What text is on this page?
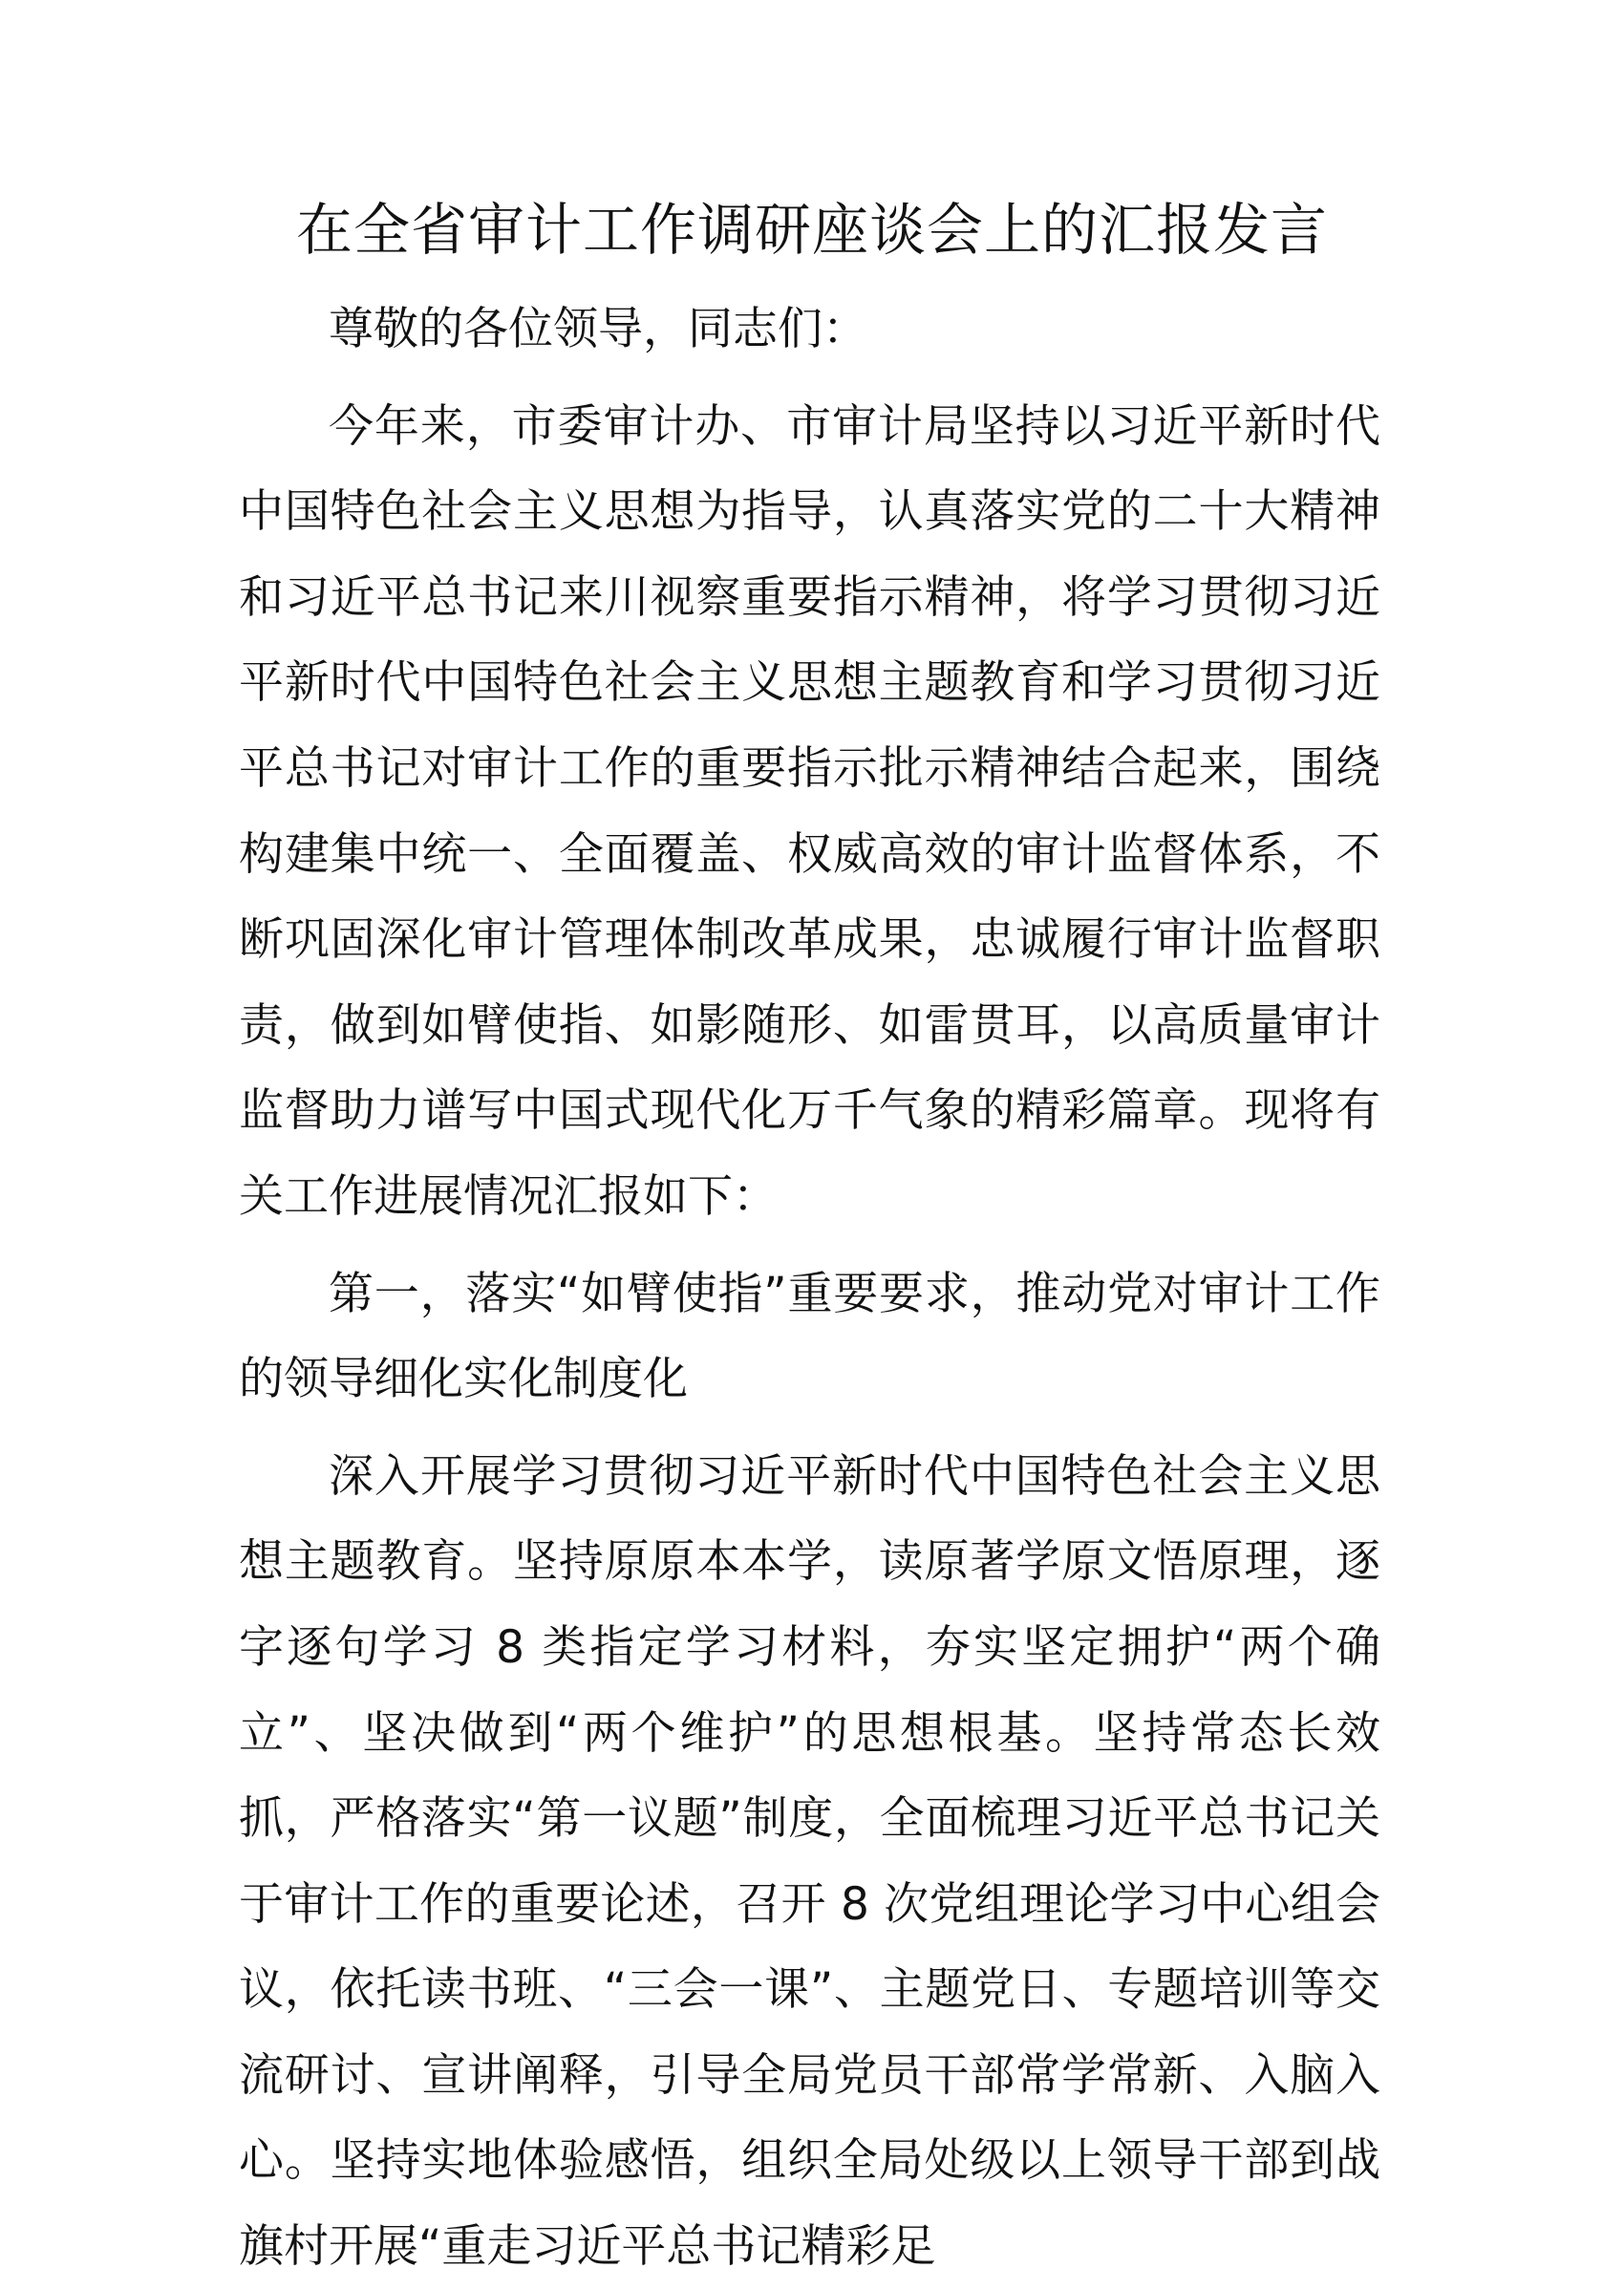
在全省审计工作调研座谈会上的汇报发言

尊敬的各位领导，同志们：

今年来，市委审计办、市审计局坚持以习近平新时代中国特色社会主义思想为指导，认真落实党的二十大精神和习近平总书记来川视察重要指示精神，将学习贯彻习近平新时代中国特色社会主义思想主题教育和学习贯彻习近平总书记对审计工作的重要指示批示精神结合起来，围绕构建集中统一、全面覆盖、权威高效的审计监督体系，不断巩固深化审计管理体制改革成果，忠诚履行审计监督职责，做到如臂使指、如影随形、如雷贯耳，以高质量审计监督助力谱写中国式现代化万千气象的精彩篇章。现将有关工作进展情况汇报如下：

第一，落实“如臂使指”重要要求，推动党对审计工作的领导细化实化制度化

深入开展学习贯彻习近平新时代中国特色社会主义思想主题教育。坚持原原本本学，读原著学原文悟原理，逐字逐句学习 8 类指定学习材料，夯实坚定拥护“两个确立”、坚决做到“两个维护”的思想根基。坚持常态长效抓，严格落实“第一议题”制度，全面梳理习近平总书记关于审计工作的重要论述，召开 8 次党组理论学习中心组会议，依托读书班、“三会一课”、主题党日、专题培训等交流研讨、宣讲阐释，引导全局党员干部常学常新、入脑入心。坚持实地体验感悟，组织全局处级以上领导干部到战旗村开展“重走习近平总书记精彩足
